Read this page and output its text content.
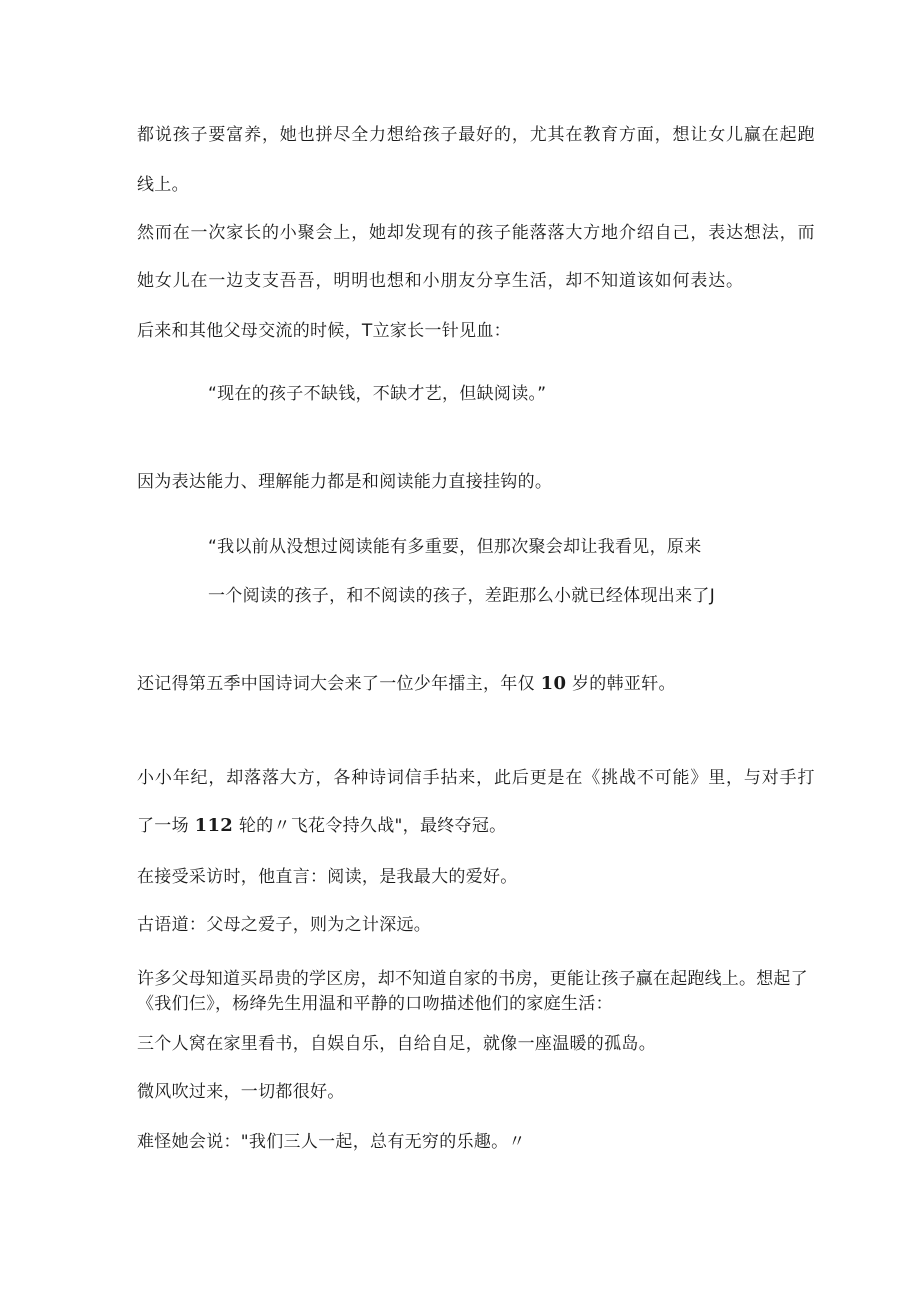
都说孩子要富养，她也拼尽全力想给孩子最好的，尤其在教育方面，想让女儿赢在起跑
线上。
然而在一次家长的小聚会上，她却发现有的孩子能落落大方地介绍自己，表达想法，而
她女儿在一边支支吾吾，明明也想和小朋友分享生活，却不知道该如何表达。
后来和其他父母交流的时候，T立家长一针见血：
“现在的孩子不缺钱，不缺才艺，但缺阅读。”
因为表达能力、理解能力都是和阅读能力直接挂钩的。
“我以前从没想过阅读能有多重要，但那次聚会却让我看见，原来
一个阅读的孩子，和不阅读的孩子，差距那么小就已经体现出来了J
还记得第五季中国诗词大会来了一位少年擂主，年仅 10 岁的韩亚轩。
小小年纪，却落落大方，各种诗词信手拈来，此后更是在《挑战不可能》里，与对手打
了一场 112 轮的〃飞花令持久战"，最终夺冠。
在接受采访时，他直言：阅读，是我最大的爱好。
古语道：父母之爱子，则为之计深远。
许多父母知道买昂贵的学区房，却不知道自家的书房，更能让孩子赢在起跑线上。想起了
《我们仨》，杨绛先生用温和平静的口吻描述他们的家庭生活：
三个人窝在家里看书，自娱自乐，自给自足，就像一座温暖的孤岛。
微风吹过来，一切都很好。
难怪她会说："我们三人一起，总有无穷的乐趣。〃
